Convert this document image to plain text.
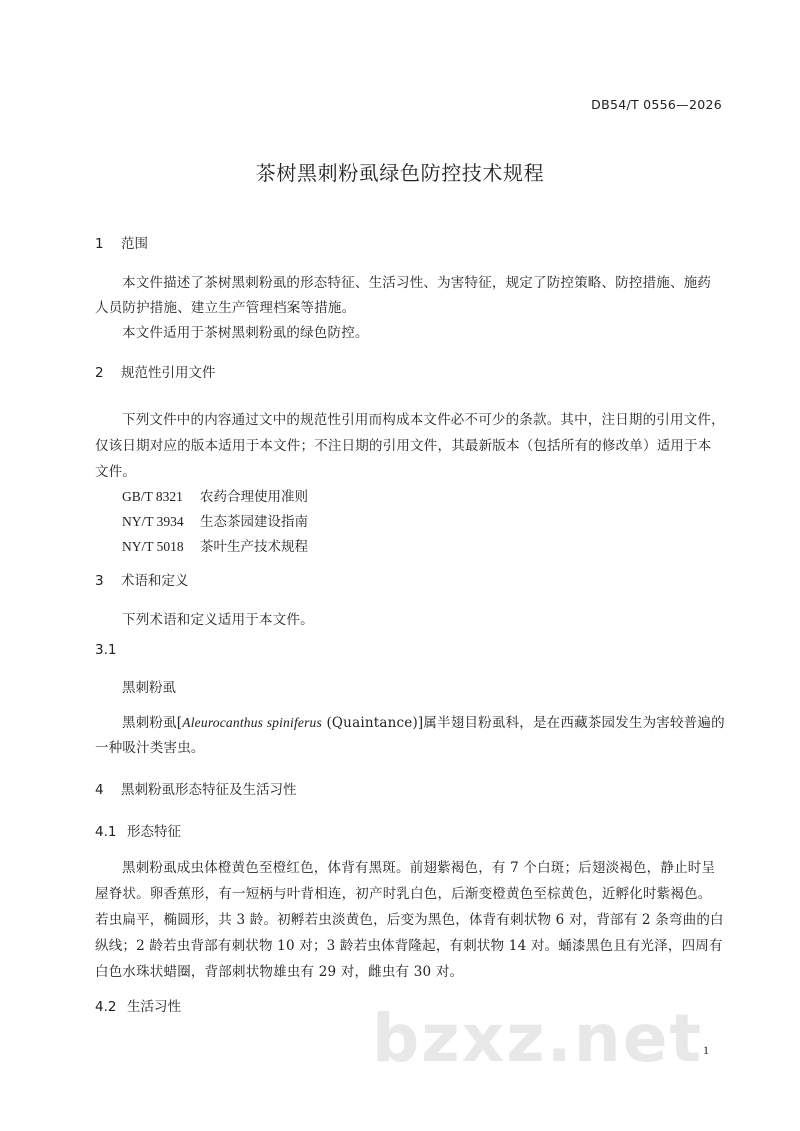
DB54/T 0556—2026
茶树黑刺粉虱绿色防控技术规程
1 范围
本文件描述了茶树黑刺粉虱的形态特征、生活习性、为害特征，规定了防控策略、防控措施、施药
人员防护措施、建立生产管理档案等措施。
本文件适用于茶树黑刺粉虱的绿色防控。
2 规范性引用文件
下列文件中的内容通过文中的规范性引用而构成本文件必不可少的条款。其中，注日期的引用文件，
仅该日期对应的版本适用于本文件；不注日期的引用文件，其最新版本（包括所有的修改单）适用于本
文件。
GB/T 8321 农药合理使用准则
NY/T 3934 生态茶园建设指南
NY/T 5018 茶叶生产技术规程
3 术语和定义
下列术语和定义适用于本文件。
3.1
黑刺粉虱
黑刺粉虱[Aleurocanthus spiniferus (Quaintance)]属半翅目粉虱科，是在西藏茶园发生为害较普遍的
一种吸汁类害虫。
4 黑刺粉虱形态特征及生活习性
4.1 形态特征
黑刺粉虱成虫体橙黄色至橙红色，体背有黑斑。前翅紫褐色，有 7 个白斑；后翅淡褐色，静止时呈
屋脊状。卵香蕉形，有一短柄与叶背相连，初产时乳白色，后渐变橙黄色至棕黄色，近孵化时紫褐色。
若虫扁平，椭圆形，共 3 龄。初孵若虫淡黄色，后变为黑色，体背有刺状物 6 对，背部有 2 条弯曲的白
纵线；2 龄若虫背部有刺状物 10 对；3 龄若虫体背隆起，有刺状物 14 对。蛹漆黑色且有光泽，四周有
白色水珠状蜡圈，背部刺状物雄虫有 29 对，雌虫有 30 对。
4.2 生活习性	bzxz.net 1
